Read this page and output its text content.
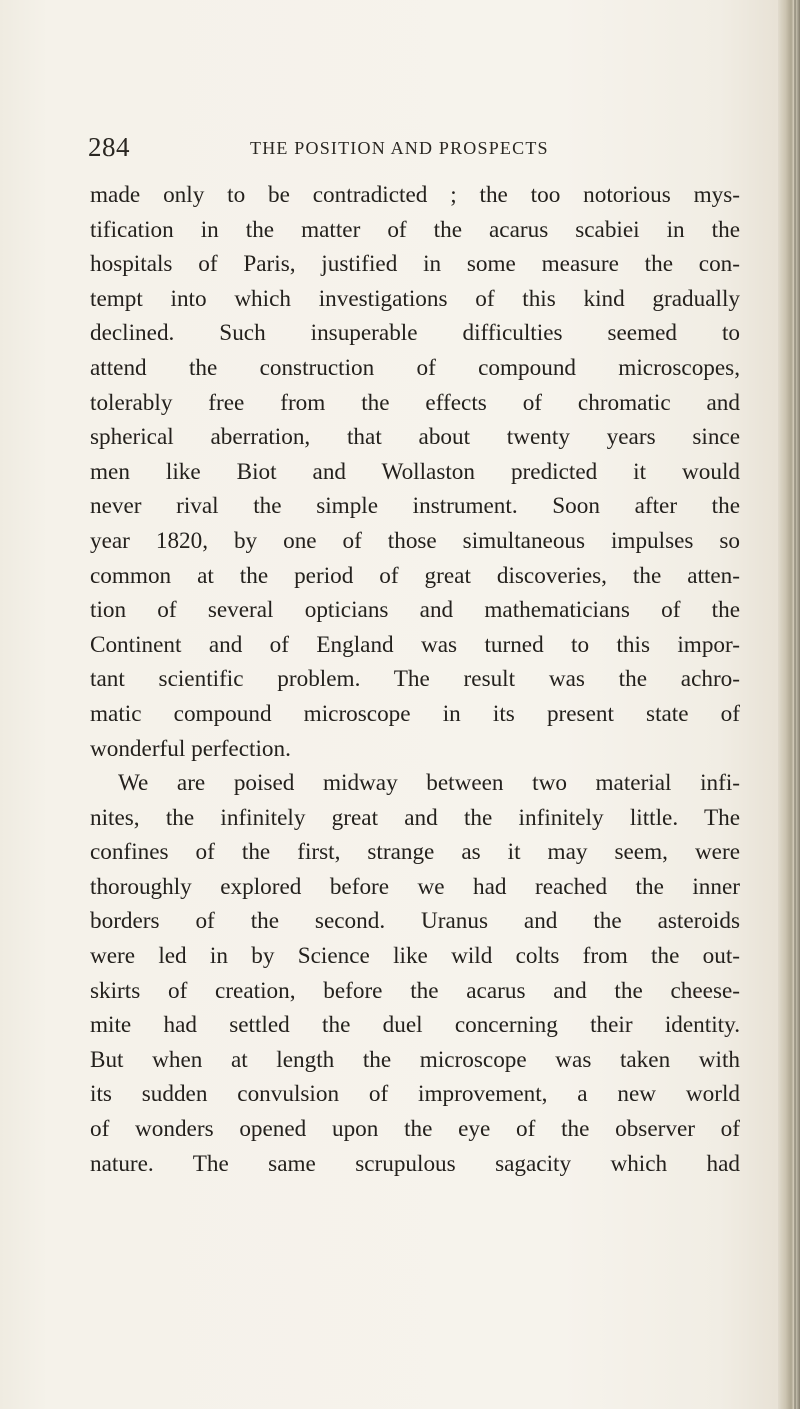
284	THE POSITION AND PROSPECTS
made only to be contradicted ; the too notorious mys-
tification in the matter of the acarus scabiei in the
hospitals of Paris, justified in some measure the con-
tempt into which investigations of this kind gradually
declined. Such insuperable difficulties seemed to
attend the construction of compound microscopes,
tolerably free from the effects of chromatic and
spherical aberration, that about twenty years since
men like Biot and Wollaston predicted it would
never rival the simple instrument. Soon after the
year 1820, by one of those simultaneous impulses so
common at the period of great discoveries, the atten-
tion of several opticians and mathematicians of the
Continent and of England was turned to this impor-
tant scientific problem. The result was the achro-
matic compound microscope in its present state of
wonderful perfection.
We are poised midway between two material infi-
nites, the infinitely great and the infinitely little. The
confines of the first, strange as it may seem, were
thoroughly explored before we had reached the inner
borders of the second. Uranus and the asteroids
were led in by Science like wild colts from the out-
skirts of creation, before the acarus and the cheese-
mite had settled the duel concerning their identity.
But when at length the microscope was taken with
its sudden convulsion of improvement, a new world
of wonders opened upon the eye of the observer of
nature. The same scrupulous sagacity which had
